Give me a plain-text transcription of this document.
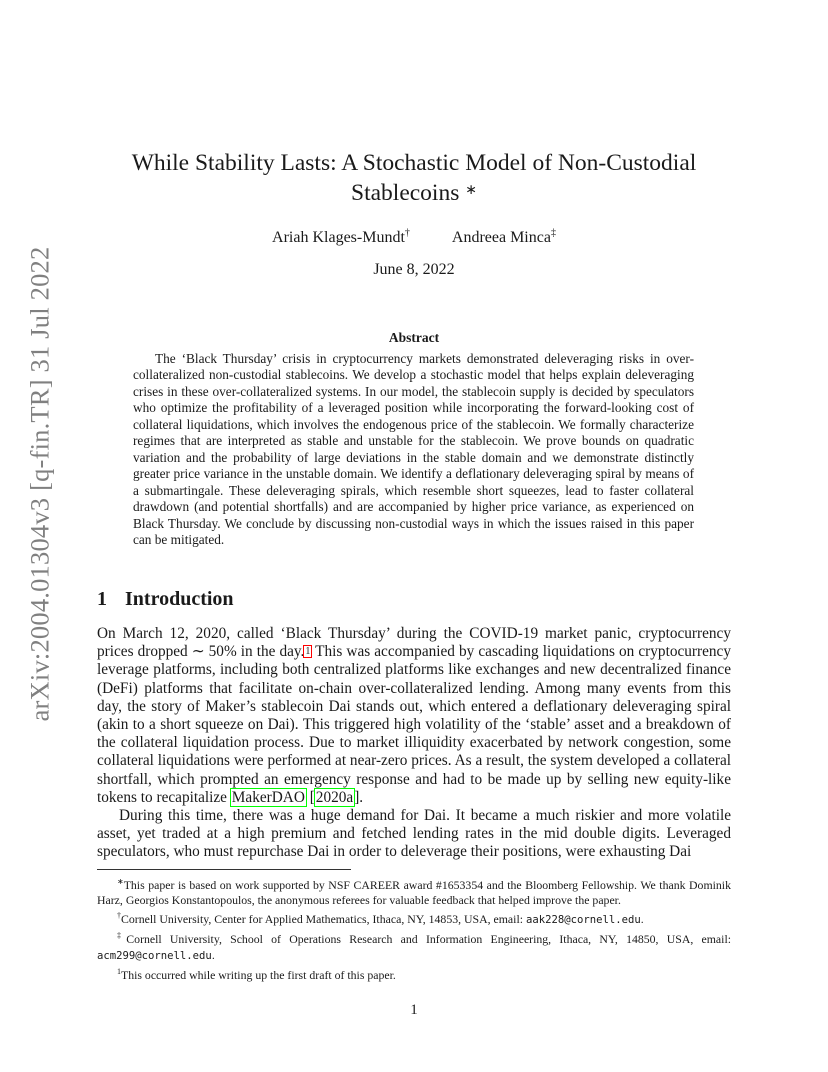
arXiv:2004.01304v3 [q-fin.TR] 31 Jul 2022
While Stability Lasts: A Stochastic Model of Non-Custodial Stablecoins ∗
Ariah Klages-Mundt†	Andreea Minca‡
June 8, 2022
Abstract

The ‘Black Thursday’ crisis in cryptocurrency markets demonstrated deleveraging risks in over-collateralized non-custodial stablecoins. We develop a stochastic model that helps explain deleveraging crises in these over-collateralized systems. In our model, the stablecoin supply is decided by speculators who optimize the profitability of a leveraged position while incorporating the forward-looking cost of collateral liquidations, which involves the endogenous price of the stablecoin. We formally characterize regimes that are interpreted as stable and unstable for the stablecoin. We prove bounds on quadratic variation and the probability of large deviations in the stable domain and we demonstrate distinctly greater price variance in the unstable domain. We identify a deflationary deleveraging spiral by means of a submartingale. These deleveraging spirals, which resemble short squeezes, lead to faster collateral drawdown (and potential shortfalls) and are accompanied by higher price variance, as experienced on Black Thursday. We conclude by discussing non-custodial ways in which the issues raised in this paper can be mitigated.

1 Introduction

On March 12, 2020, called ‘Black Thursday’ during the COVID-19 market panic, cryptocurrency prices dropped ∼ 50% in the day.$^1$ This was accompanied by cascading liquidations on cryptocurrency leverage platforms, including both centralized platforms like exchanges and new decentralized finance (DeFi) platforms that facilitate on-chain over-collateralized lending. Among many events from this day, the story of Maker’s stablecoin Dai stands out, which entered a deflationary deleveraging spiral (akin to a short squeeze on Dai). This triggered high volatility of the ‘stable’ asset and a breakdown of the collateral liquidation process. Due to market illiquidity exacerbated by network congestion, some collateral liquidations were performed at near-zero prices. As a result, the system developed a collateral shortfall, which prompted an emergency response and had to be made up by selling new equity-like tokens to recapitalize MakerDAO [2020a].

During this time, there was a huge demand for Dai. It became a much riskier and more volatile asset, yet traded at a high premium and fetched lending rates in the mid double digits. Leveraged speculators, who must repurchase Dai in order to deleverage their positions, were exhausting Dai

∗This paper is based on work supported by NSF CAREER award #1653354 and the Bloomberg Fellowship. We thank Dominik Harz, Georgios Konstantopoulos, the anonymous referees for valuable feedback that helped improve the paper.

†Cornell University, Center for Applied Mathematics, Ithaca, NY, 14853, USA, email: aak228@cornell.edu.

‡Cornell University, School of Operations Research and Information Engineering, Ithaca, NY, 14850, USA, email: acm299@cornell.edu.

$^1$This occurred while writing up the first draft of this paper.

1
